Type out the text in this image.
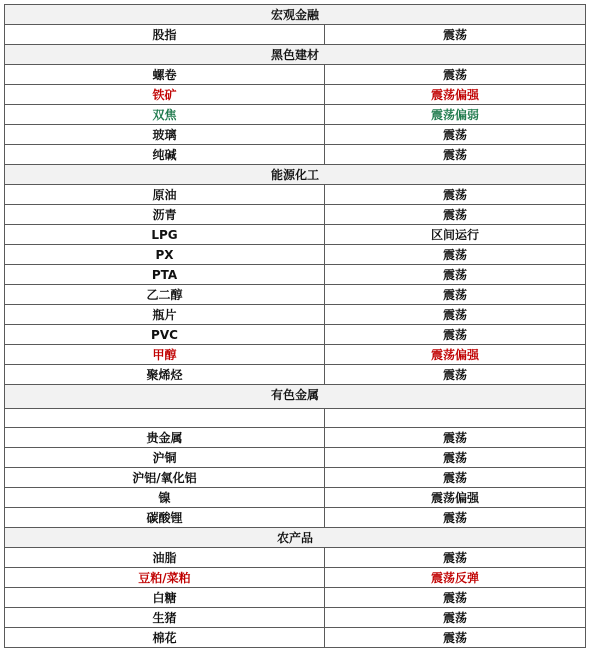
宏观金融	
股指	震荡
黑色建材	
螺卷	震荡
铁矿	震荡偏强
双焦	震荡偏弱
玻璃	震荡
纯碱	震荡
能源化工	
原油	震荡
沥青	震荡
LPG	区间运行
PX	震荡
PTA	震荡
乙二醇	震荡
瓶片	震荡
PVC	震荡
甲醇	震荡偏强
聚烯烃	震荡
有色金属	

贵金属	震荡
沪铜	震荡
沪铝/氧化铝	震荡
镍	震荡偏强
碳酸锂	震荡
农产品	
油脂	震荡
豆粕/菜粕	震荡反弹
白糖	震荡
生猪	震荡
棉花	震荡
